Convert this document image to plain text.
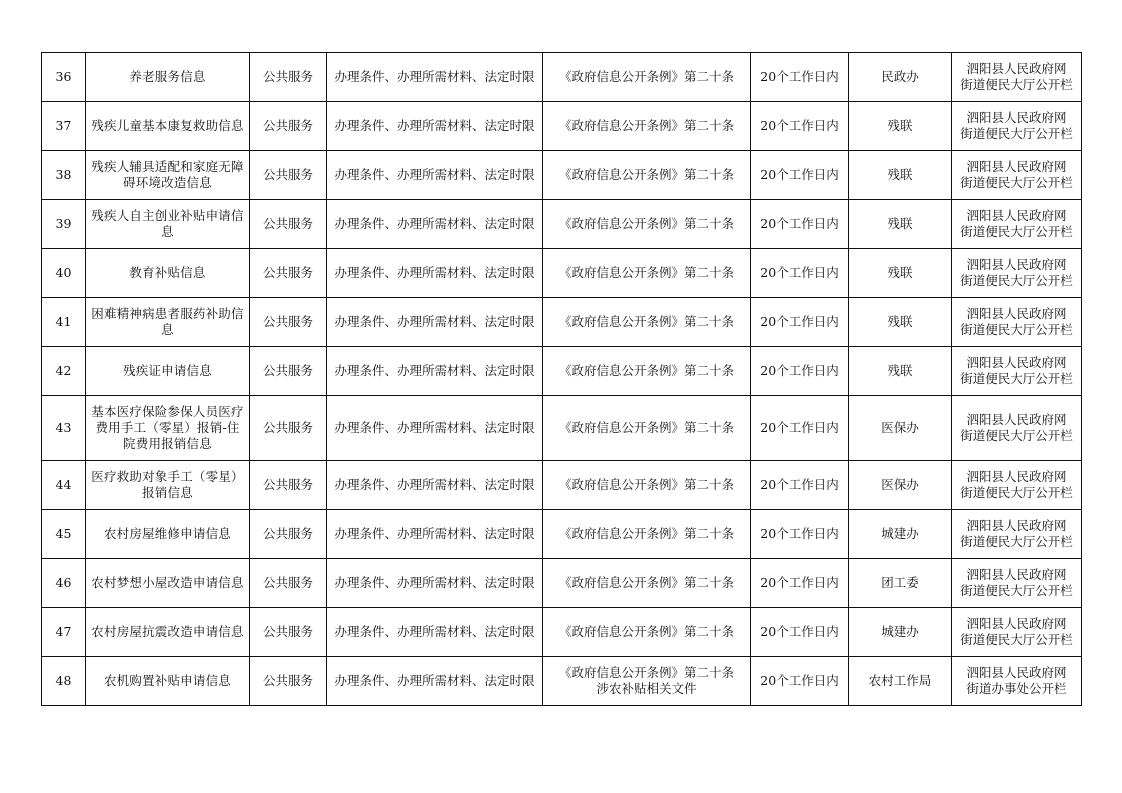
36	养老服务信息	公共服务	办理条件、办理所需材料、法定时限	《政府信息公开条例》第二十条	20个工作日内	民政办	泗阳县人民政府网
街道便民大厅公开栏

37	残疾儿童基本康复救助信息	公共服务	办理条件、办理所需材料、法定时限	《政府信息公开条例》第二十条	20个工作日内	残联	泗阳县人民政府网
街道便民大厅公开栏

38	残疾人辅具适配和家庭无障碍环境改造信息	公共服务	办理条件、办理所需材料、法定时限	《政府信息公开条例》第二十条	20个工作日内	残联	泗阳县人民政府网
街道便民大厅公开栏

39	残疾人自主创业补贴申请信息	公共服务	办理条件、办理所需材料、法定时限	《政府信息公开条例》第二十条	20个工作日内	残联	泗阳县人民政府网
街道便民大厅公开栏

40	教育补贴信息	公共服务	办理条件、办理所需材料、法定时限	《政府信息公开条例》第二十条	20个工作日内	残联	泗阳县人民政府网
街道便民大厅公开栏

41	困难精神病患者服药补助信息	公共服务	办理条件、办理所需材料、法定时限	《政府信息公开条例》第二十条	20个工作日内	残联	泗阳县人民政府网
街道便民大厅公开栏

42	残疾证申请信息	公共服务	办理条件、办理所需材料、法定时限	《政府信息公开条例》第二十条	20个工作日内	残联	泗阳县人民政府网
街道便民大厅公开栏

43	基本医疗保险参保人员医疗费用手工（零星）报销-住院费用报销信息	公共服务	办理条件、办理所需材料、法定时限	《政府信息公开条例》第二十条	20个工作日内	医保办	泗阳县人民政府网
街道便民大厅公开栏

44	医疗救助对象手工（零星）报销信息	公共服务	办理条件、办理所需材料、法定时限	《政府信息公开条例》第二十条	20个工作日内	医保办	泗阳县人民政府网
街道便民大厅公开栏

45	农村房屋维修申请信息	公共服务	办理条件、办理所需材料、法定时限	《政府信息公开条例》第二十条	20个工作日内	城建办	泗阳县人民政府网
街道便民大厅公开栏

46	农村梦想小屋改造申请信息	公共服务	办理条件、办理所需材料、法定时限	《政府信息公开条例》第二十条	20个工作日内	团工委	泗阳县人民政府网
街道便民大厅公开栏

47	农村房屋抗震改造申请信息	公共服务	办理条件、办理所需材料、法定时限	《政府信息公开条例》第二十条	20个工作日内	城建办	泗阳县人民政府网
街道便民大厅公开栏

48	农机购置补贴申请信息	公共服务	办理条件、办理所需材料、法定时限	《政府信息公开条例》第二十条
涉农补贴相关文件	20个工作日内	农村工作局	泗阳县人民政府网
街道办事处公开栏
